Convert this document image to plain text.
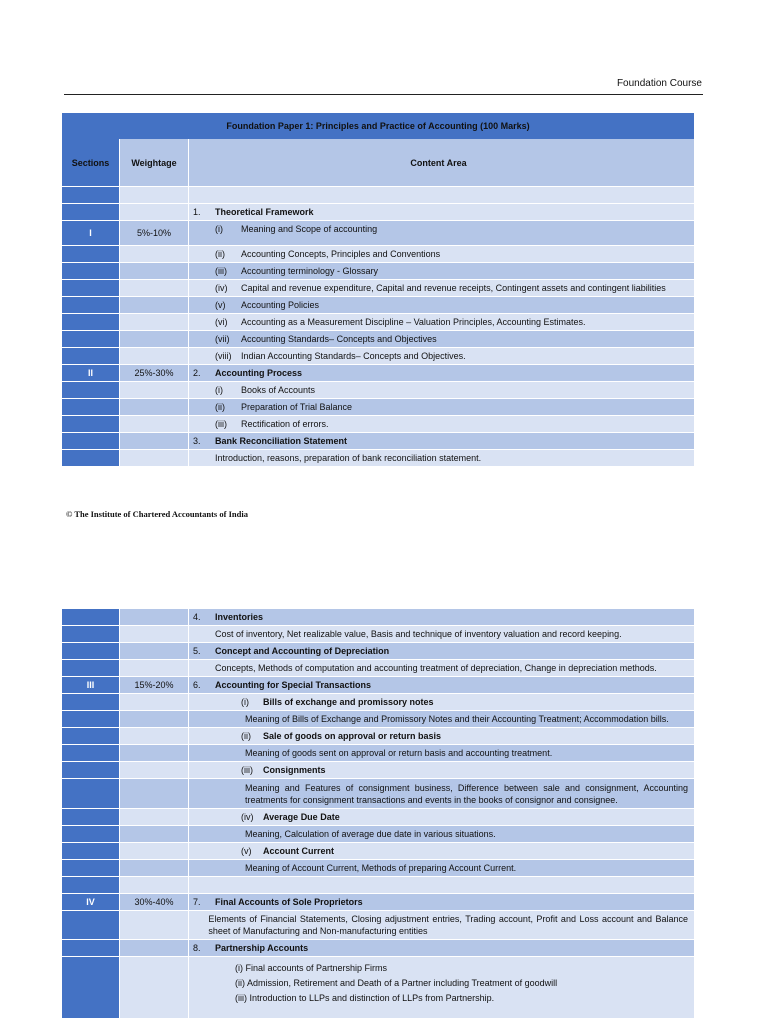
Foundation Course
Foundation Paper 1: Principles and Practice of Accounting (100 Marks)
Sections	Weightage	Content Area
1.	Theoretical Framework
I	5%-10%	(i)	Meaning and Scope of accounting
(ii)	Accounting Concepts, Principles and Conventions
(iii)	Accounting terminology - Glossary
(iv)	Capital and revenue expenditure, Capital and revenue receipts, Contingent assets and contingent liabilities
(v)	Accounting Policies
(vi)	Accounting as a Measurement Discipline – Valuation Principles, Accounting Estimates.
(vii)	Accounting Standards– Concepts and Objectives
(viii)	Indian Accounting Standards– Concepts and Objectives.
II	25%-30%	2.	Accounting Process
(i)	Books of Accounts
(ii)	Preparation of Trial Balance
(iii)	Rectification of errors.
3.	Bank Reconciliation Statement
Introduction, reasons, preparation of bank reconciliation statement.
© The Institute of Chartered Accountants of India
4.	Inventories
Cost of inventory, Net realizable value, Basis and technique of inventory valuation and record keeping.
5.	Concept and Accounting of Depreciation
Concepts, Methods of computation and accounting treatment of depreciation, Change in depreciation methods.
III	15%-20%	6.	Accounting for Special Transactions
(i)	Bills of exchange and promissory notes
Meaning of Bills of Exchange and Promissory Notes and their Accounting Treatment; Accommodation bills.
(ii)	Sale of goods on approval or return basis
Meaning of goods sent on approval or return basis and accounting treatment.
(iii)	Consignments
Meaning and Features of consignment business, Difference between sale and consignment, Accounting treatments for consignment transactions and events in the books of consignor and consignee.
(iv)	Average Due Date
Meaning, Calculation of average due date in various situations.
(v)	Account Current
Meaning of Account Current, Methods of preparing Account Current.
IV	30%-40%	7.	Final Accounts of Sole Proprietors
Elements of Financial Statements, Closing adjustment entries, Trading account, Profit and Loss account and Balance sheet of Manufacturing and Non-manufacturing entities
8.	Partnership Accounts
(i) Final accounts of Partnership Firms
(ii) Admission, Retirement and Death of a Partner including Treatment of goodwill
(iii) Introduction to LLPs and distinction of LLPs from Partnership.
